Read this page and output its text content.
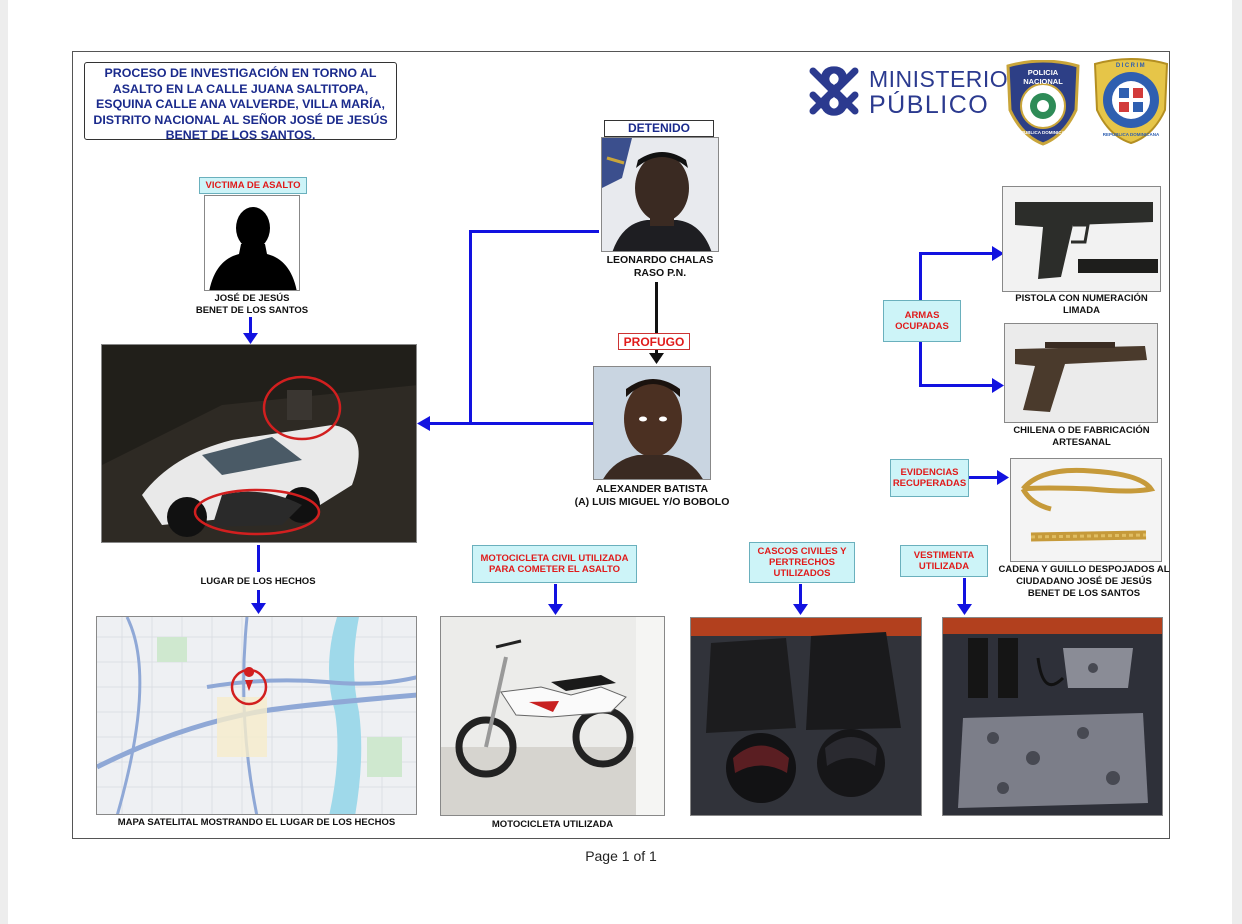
PROCESO DE INVESTIGACIÓN EN TORNO AL ASALTO EN LA CALLE JUANA SALTITOPA, ESQUINA CALLE ANA VALVERDE, VILLA MARÍA, DISTRITO NACIONAL AL SEÑOR JOSÉ DE JESÚS BENET DE LOS SANTOS.
MINISTERIO
PÚBLICO
POLICIA
NACIONAL
REPUBLICA DOMINICANA
DICRIM
REPUBLICA DOMINICANA
VICTIMA DE ASALTO
JOSÉ DE JESÚS
BENET DE LOS SANTOS
LUGAR DE LOS HECHOS
MAPA SATELITAL MOSTRANDO EL LUGAR DE LOS HECHOS
DETENIDO
LEONARDO CHALAS
RASO P.N.
PROFUGO
ALEXANDER BATISTA
(A) LUIS MIGUEL Y/O BOBOLO
MOTOCICLETA CIVIL UTILIZADA PARA COMETER EL ASALTO
MOTOCICLETA UTILIZADA
CASCOS CIVILES Y PERTRECHOS UTILIZADOS
VESTIMENTA UTILIZADA
ARMAS OCUPADAS
PISTOLA CON NUMERACIÓN
LIMADA
CHILENA O DE FABRICACIÓN
ARTESANAL
EVIDENCIAS RECUPERADAS
CADENA Y GUILLO DESPOJADOS AL
CIUDADANO JOSÉ DE JESÚS
BENET DE LOS SANTOS
Page 1 of 1
